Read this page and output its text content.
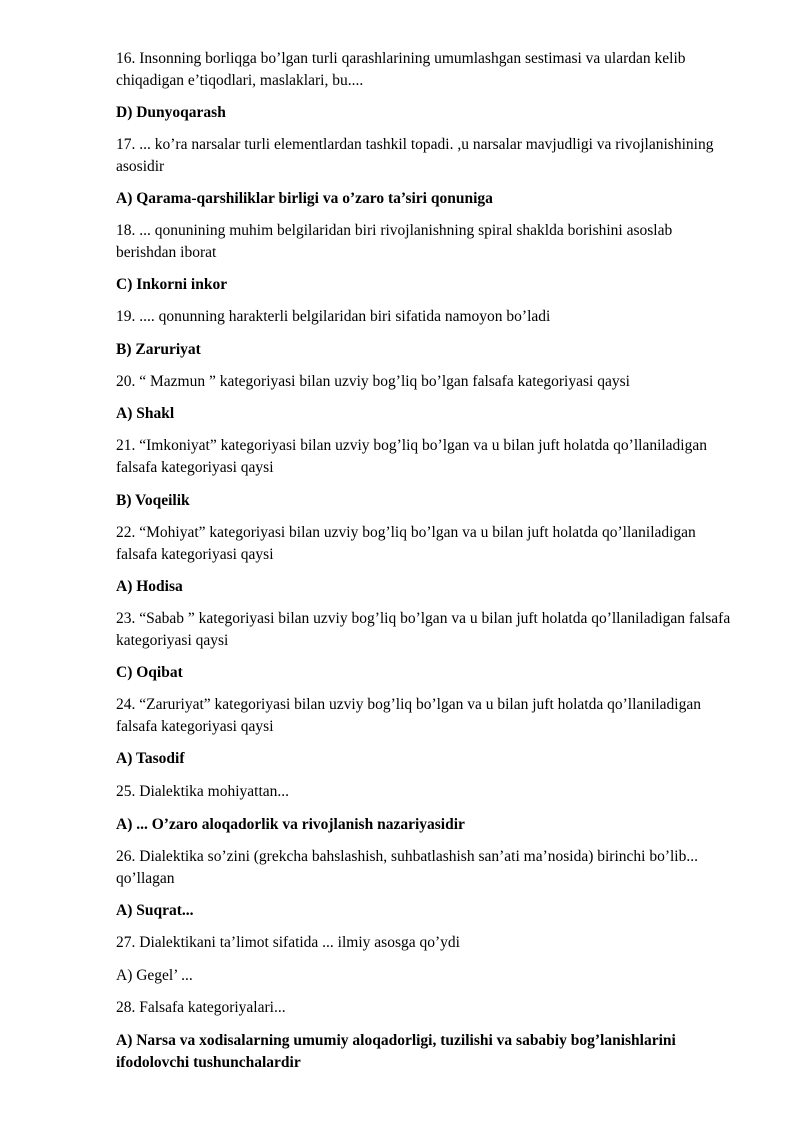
16. Insonning borliqga bo’lgan turli qarashlarining umumlashgan sestimasi va ulardan kelib chiqadigan e’tiqodlari, maslaklari, bu....
D) Dunyoqarash
17. ... ko’ra narsalar turli elementlardan tashkil topadi. ,u narsalar mavjudligi va rivojlanishining asosidir
A) Qarama-qarshiliklar birligi va o’zaro ta’siri qonuniga
18. ... qonunining muhim belgilaridan biri rivojlanishning spiral shaklda borishini asoslab berishdan iborat
C) Inkorni inkor
19. .... qonunning harakterli belgilaridan biri sifatida namoyon bo’ladi
B) Zaruriyat
20. “ Mazmun ” kategoriyasi bilan uzviy bog’liq bo’lgan falsafa kategoriyasi qaysi
A) Shakl
21. “Imkoniyat” kategoriyasi bilan uzviy bog’liq bo’lgan va u bilan juft holatda qo’llaniladigan falsafa kategoriyasi qaysi
B) Voqeilik
22. “Mohiyat” kategoriyasi bilan uzviy bog’liq bo’lgan va u bilan juft holatda qo’llaniladigan falsafa kategoriyasi qaysi
A) Hodisa
23. “Sabab ” kategoriyasi bilan uzviy bog’liq bo’lgan va u bilan juft holatda qo’llaniladigan falsafa kategoriyasi qaysi
C) Oqibat
24. “Zaruriyat” kategoriyasi bilan uzviy bog’liq bo’lgan va u bilan juft holatda qo’llaniladigan falsafa kategoriyasi qaysi
A) Tasodif
25. Dialektika mohiyattan...
A) ... O’zaro aloqadorlik va rivojlanish nazariyasidir
26. Dialektika so’zini (grekcha bahslashish, suhbatlashish san’ati ma’nosida) birinchi bo’lib... qo’llagan
A) Suqrat...
27. Dialektikani ta’limot sifatida ... ilmiy asosga qo’ydi
A) Gegel’ ...
28. Falsafa kategoriyalari...
A) Narsa va xodisalarning umumiy aloqadorligi, tuzilishi va sababiy bog’lanishlarini ifodolovchi tushunchalardir
